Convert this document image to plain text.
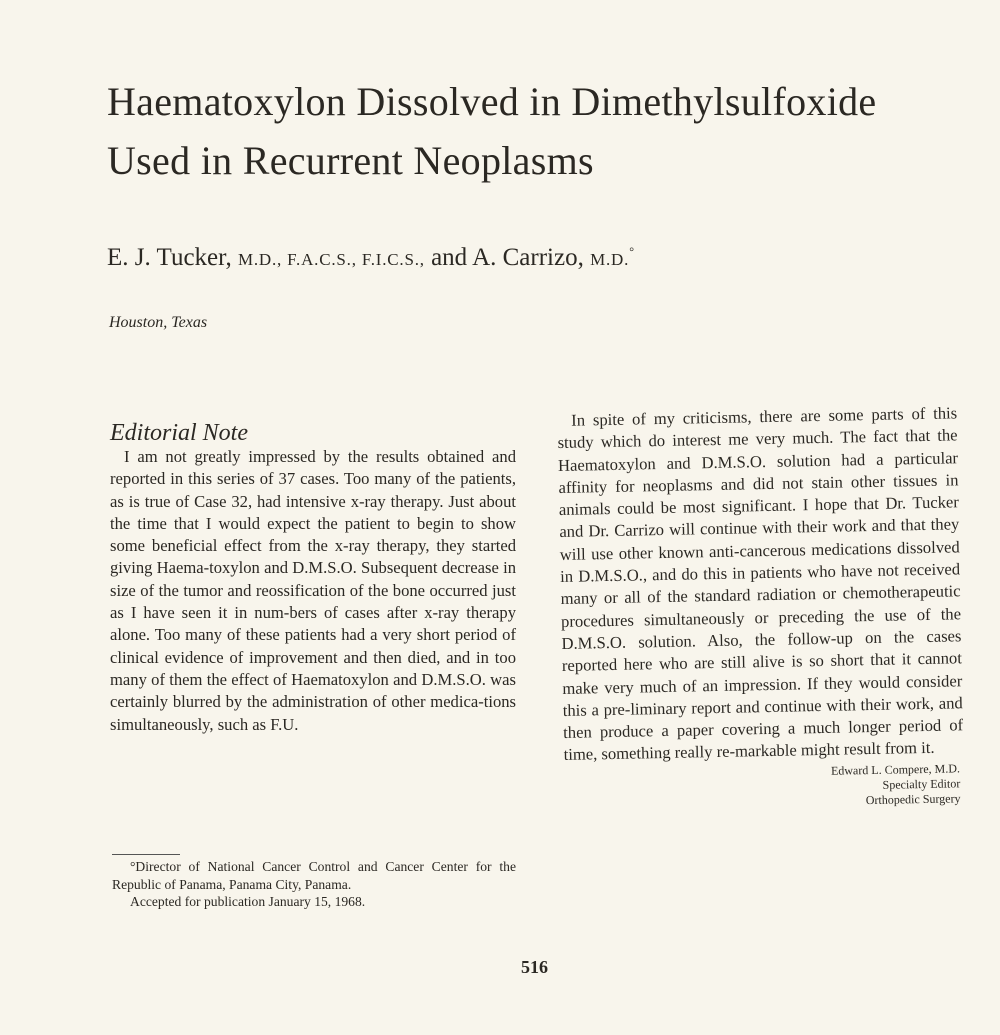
Haematoxylon Dissolved in Dimethylsulfoxide
Used in Recurrent Neoplasms
E. J. Tucker, M.D., F.A.C.S., F.I.C.S., and A. Carrizo, M.D.°
Houston, Texas
Editorial Note

I am not greatly impressed by the results obtained and reported in this series of 37 cases. Too many of the patients, as is true of Case 32, had intensive x-ray therapy. Just about the time that I would expect the patient to begin to show some beneficial effect from the x-ray therapy, they started giving Haema-toxylon and D.M.S.O. Subsequent decrease in size of the tumor and reossification of the bone occurred just as I have seen it in num-bers of cases after x-ray therapy alone. Too many of these patients had a very short period of clinical evidence of improvement and then died, and in too many of them the effect of Haematoxylon and D.M.S.O. was certainly blurred by the administration of other medica-tions simultaneously, such as F.U.

In spite of my criticisms, there are some parts of this study which do interest me very much. The fact that the Haematoxylon and D.M.S.O. solution had a particular affinity for neoplasms and did not stain other tissues in animals could be most significant. I hope that Dr. Tucker and Dr. Carrizo will continue with their work and that they will use other known anti-cancerous medications dissolved in D.M.S.O., and do this in patients who have not received many or all of the standard radiation or chemotherapeutic procedures simultaneously or preceding the use of the D.M.S.O. solution. Also, the follow-up on the cases reported here who are still alive is so short that it cannot make very much of an impression. If they would consider this a pre-liminary report and continue with their work, and then produce a paper covering a much longer period of time, something really re-markable might result from it.

Edward L. Compere, M.D.
Specialty Editor
Orthopedic Surgery

°Director of National Cancer Control and Cancer Center for the Republic of Panama, Panama City, Panama.

Accepted for publication January 15, 1968.

516
